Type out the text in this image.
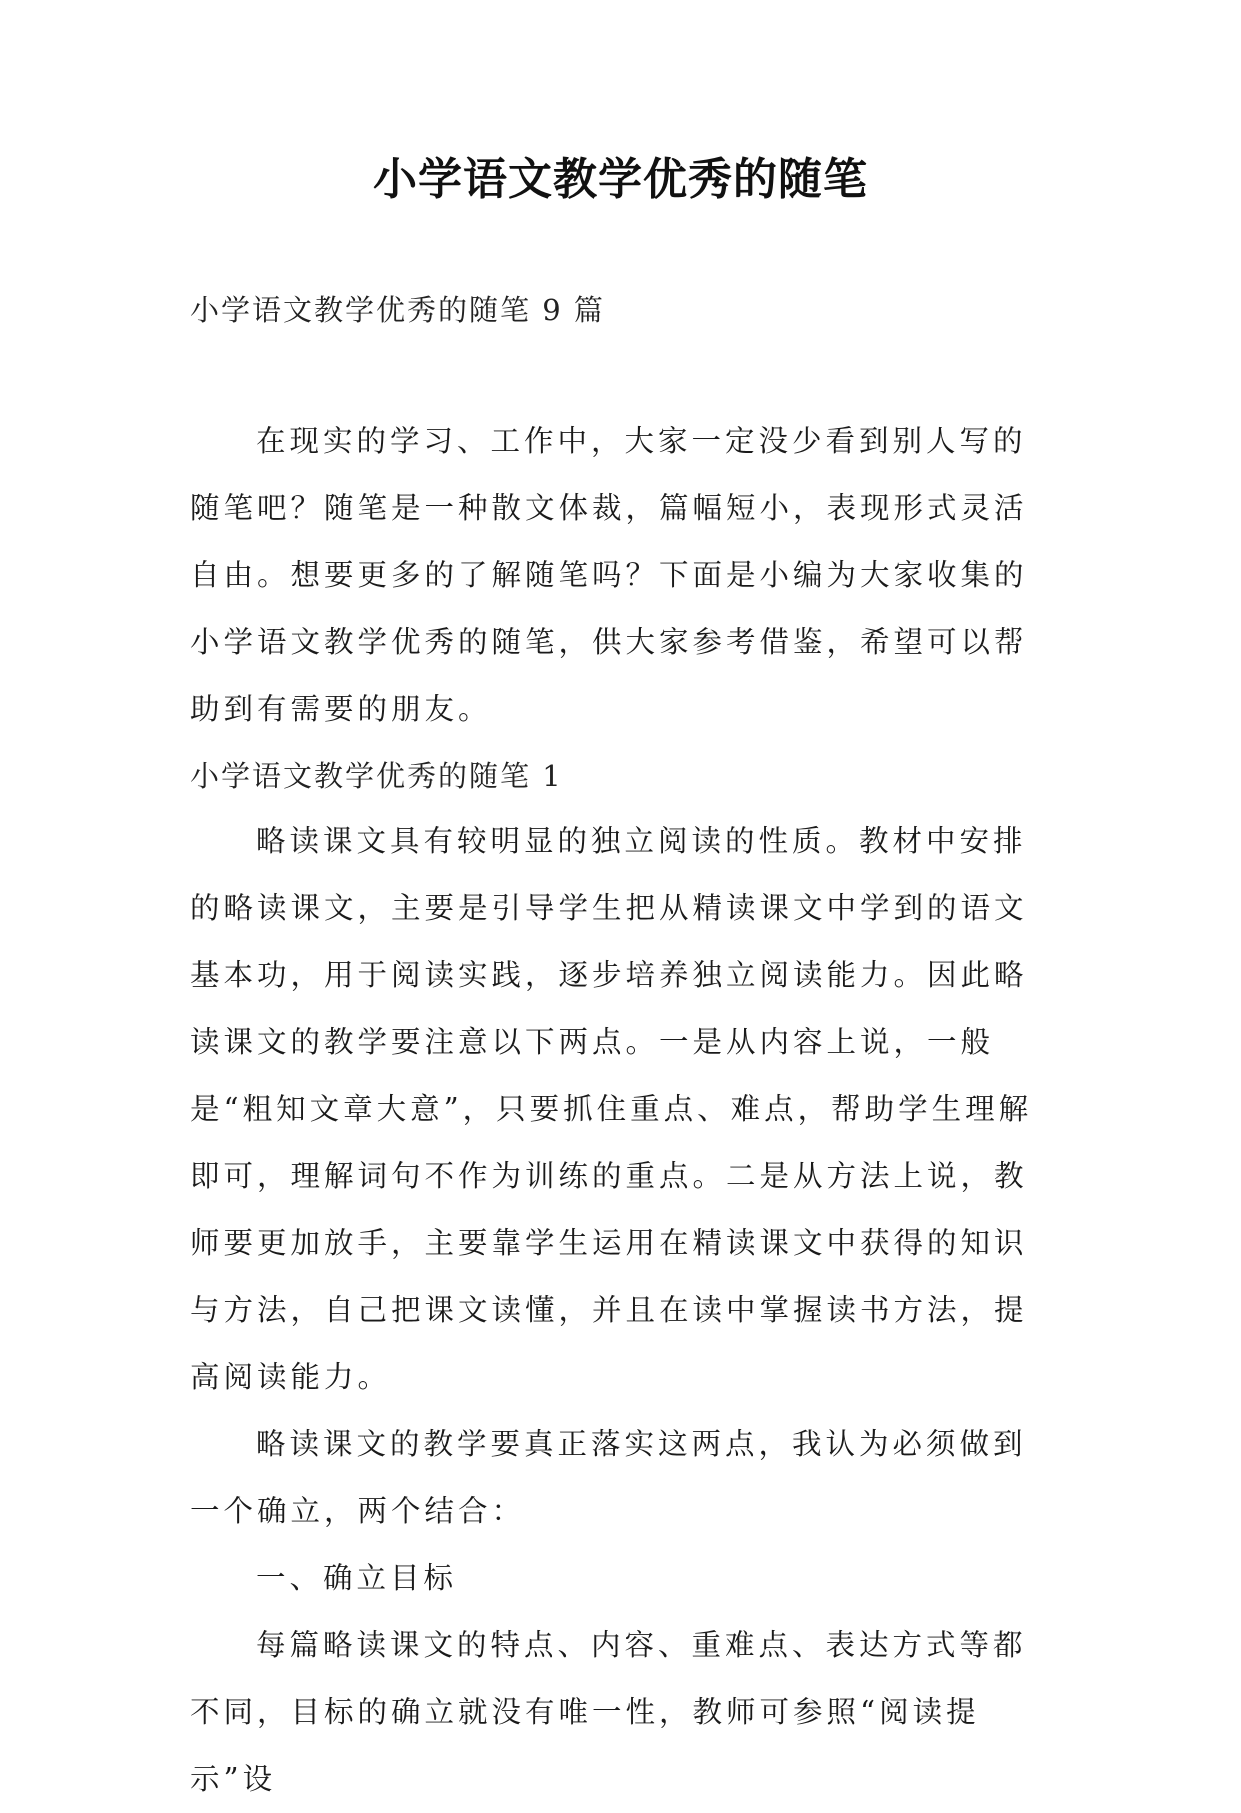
小学语文教学优秀的随笔
小学语文教学优秀的随笔 9 篇

在现实的学习、工作中，大家一定没少看到别人写的随笔吧？随笔是一种散文体裁，篇幅短小，表现形式灵活自由。想要更多的了解随笔吗？下面是小编为大家收集的小学语文教学优秀的随笔，供大家参考借鉴，希望可以帮助到有需要的朋友。

小学语文教学优秀的随笔 1

略读课文具有较明显的独立阅读的性质。教材中安排的略读课文，主要是引导学生把从精读课文中学到的语文基本功，用于阅读实践，逐步培养独立阅读能力。因此略读课文的教学要注意以下两点。一是从内容上说，一般是“粗知文章大意”，只要抓住重点、难点，帮助学生理解即可，理解词句不作为训练的重点。二是从方法上说，教师要更加放手，主要靠学生运用在精读课文中获得的知识与方法，自己把课文读懂，并且在读中掌握读书方法，提高阅读能力。

略读课文的教学要真正落实这两点，我认为必须做到一个确立，两个结合：

一、确立目标

每篇略读课文的特点、内容、重难点、表达方式等都不同，目标的确立就没有唯一性，教师可参照“阅读提示”设
